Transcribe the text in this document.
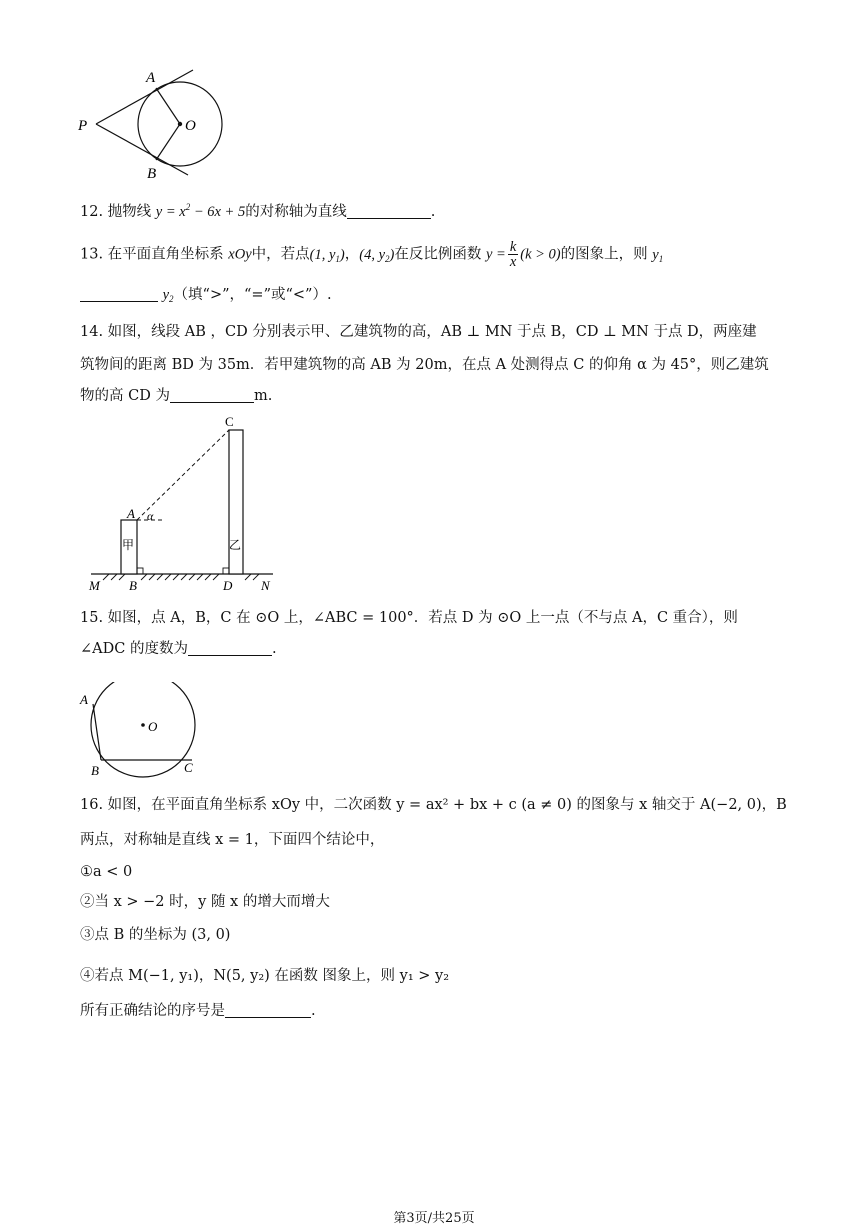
P
A
B
O
12. 抛物线 $y = x^2 - 6x + 5$的对称轴为直线	.
13. 在平面直角坐标系 xOy中，若点(1, $y_1$)，(4, $y_2$)在反比例函数 $y = \frac{k}{x} (k > 0)$的图象上，则 $y_1$
$y_2$（填“>”，“=”或“<”）.
14. 如图，线段 AB ，CD 分别表示甲、乙建筑物的高，AB ⊥ MN 于点 B，CD ⊥ MN 于点 D，两座建
筑物间的距离 BD 为 35m．若甲建筑物的高 AB 为 20m，在点 A 处测得点 C 的仰角 α 为 45°，则乙建筑
物的高 CD 为	m.
C
A α
甲	乙
M B	D N
15. 如图，点 A，B，C 在 ⊙O 上，∠ABC = 100°．若点 D 为 ⊙O 上一点（不与点 A，C 重合），则
∠ADC 的度数为	.
A
B	C
O
16. 如图，在平面直角坐标系 xOy 中，二次函数 y = ax² + bx + c (a ≠ 0) 的图象与 x 轴交于 A(−2, 0)，B
两点，对称轴是直线 x = 1，下面四个结论中，
①a < 0
②当 x > −2 时，y 随 x 的增大而增大
③点 B 的坐标为 (3, 0)
④若点 M(−1, y₁)，N(5, y₂) 在函数 图象上，则 y₁ > y₂
所有正确结论的序号是	.
第3页/共25页
